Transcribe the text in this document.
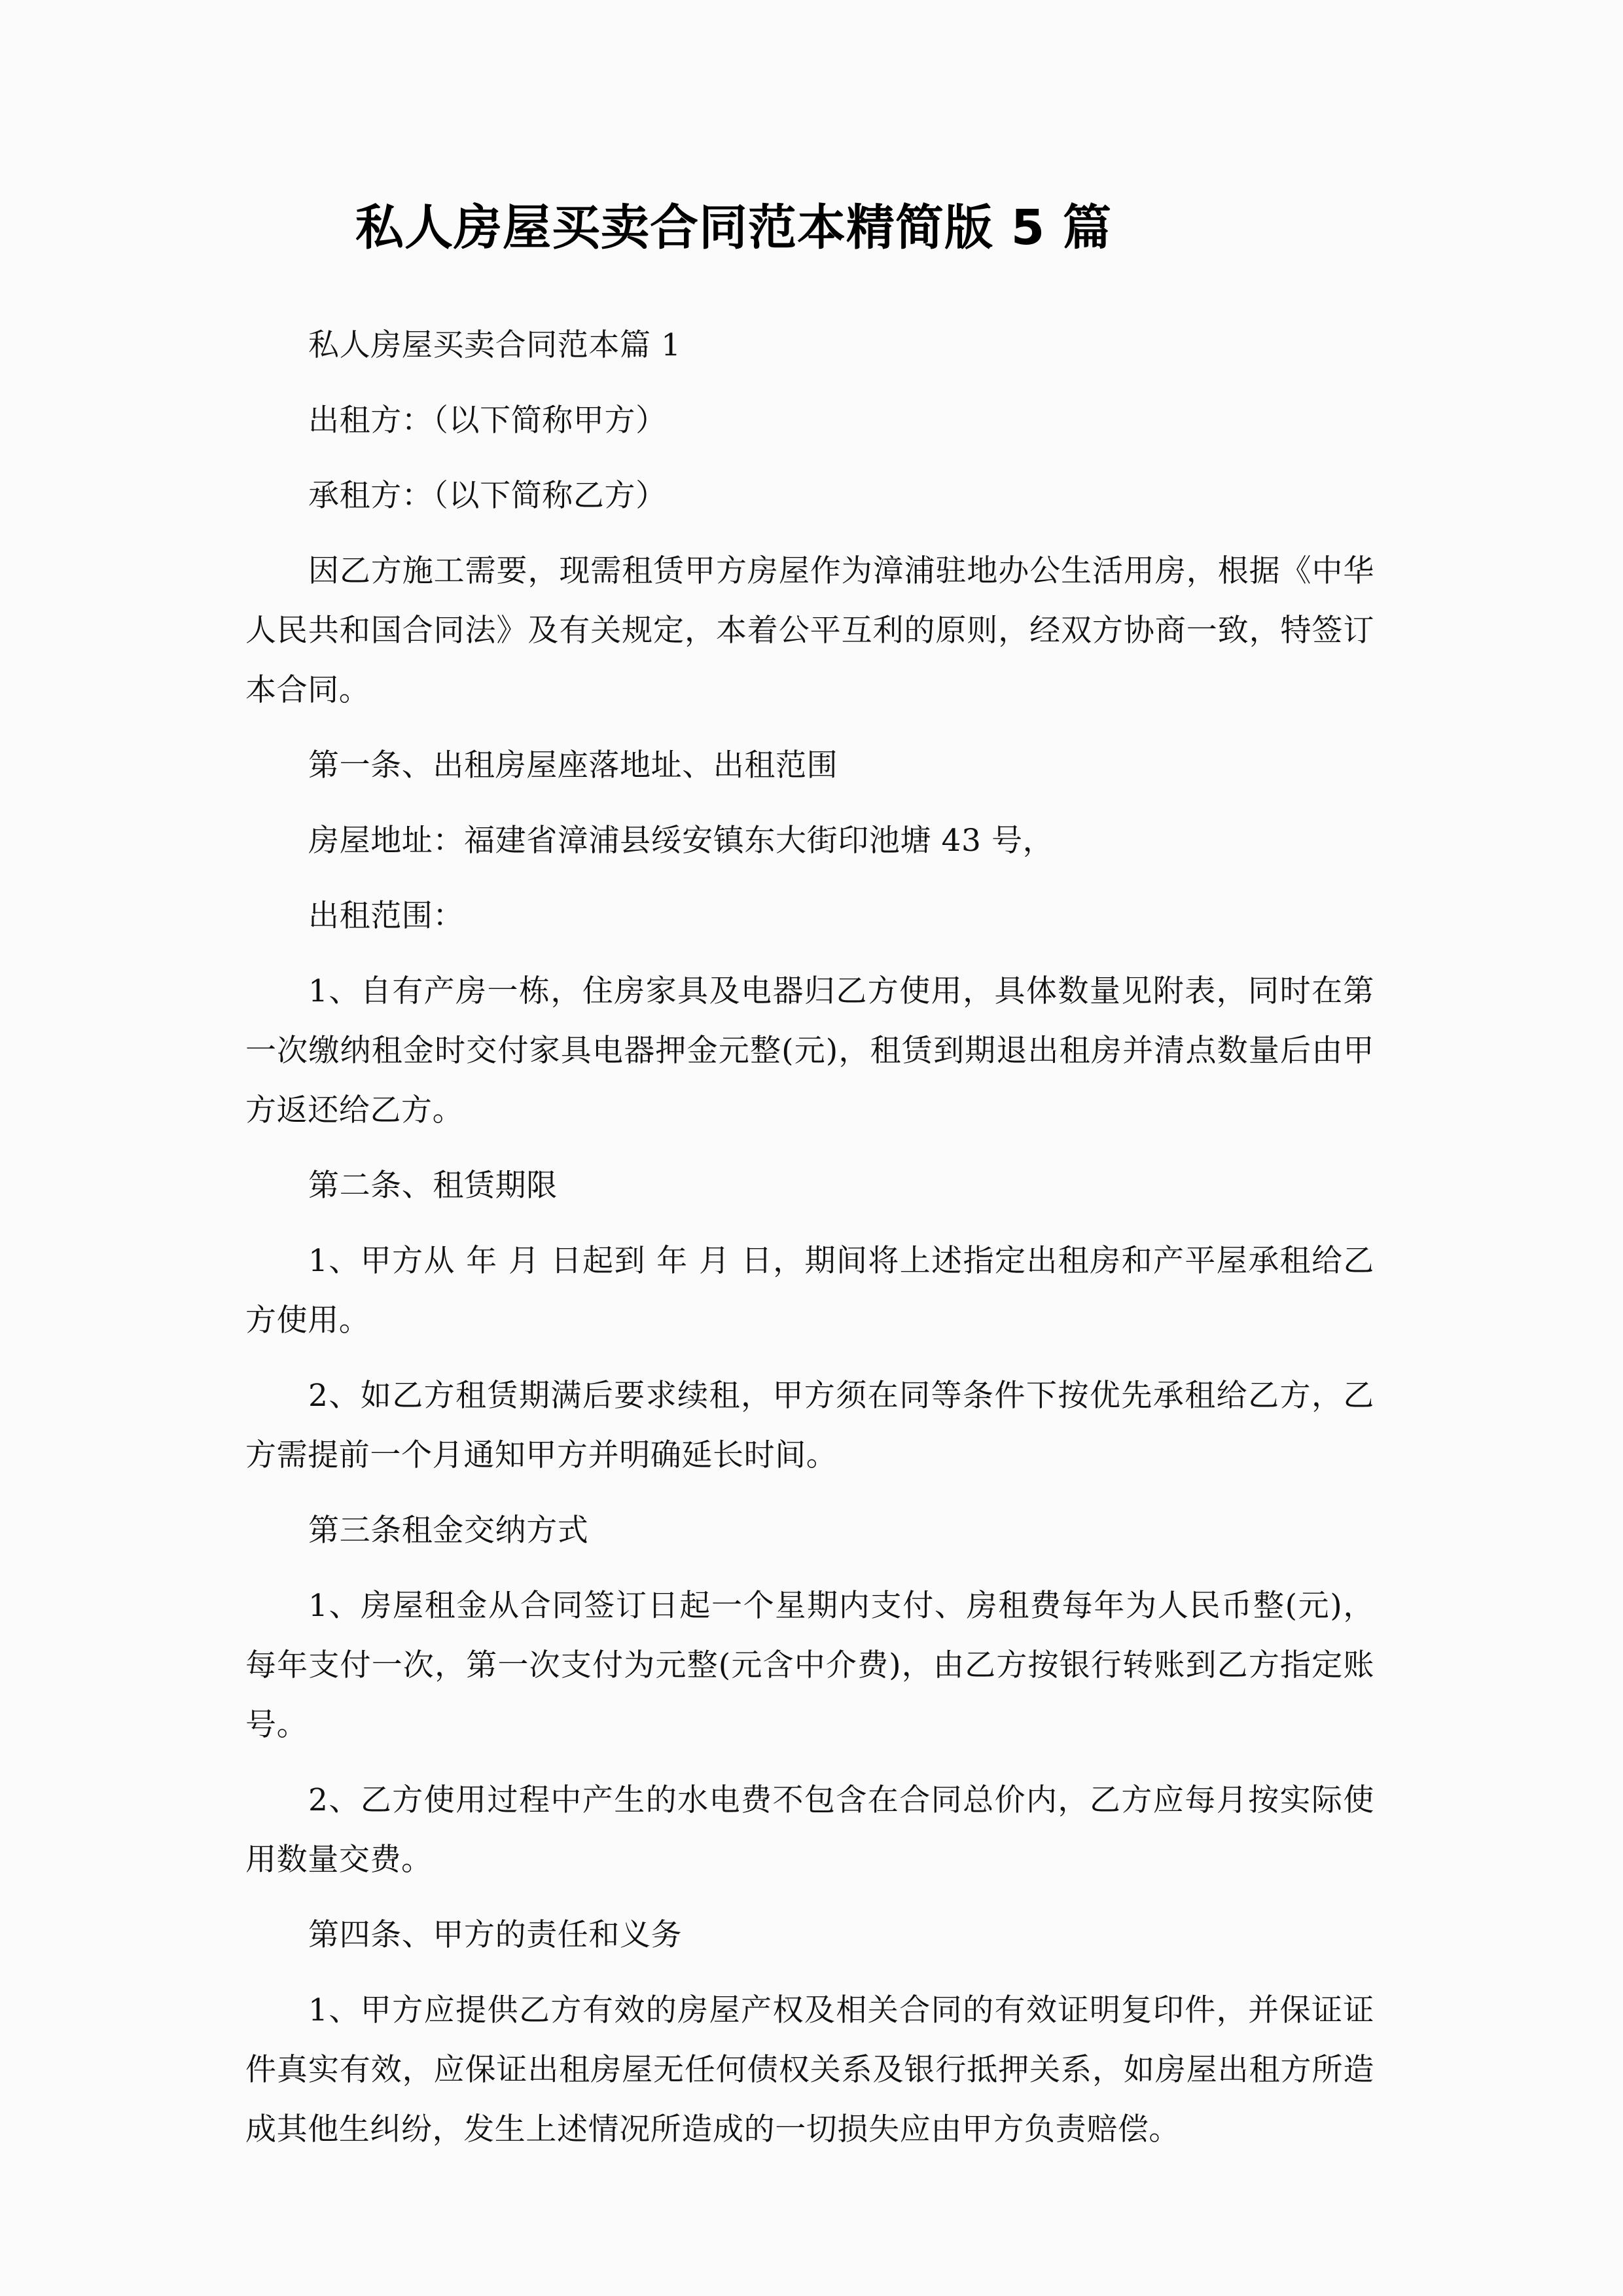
私人房屋买卖合同范本精简版 5 篇

私人房屋买卖合同范本篇 1

出租方：（以下简称甲方）

承租方：（以下简称乙方）

因乙方施工需要，现需租赁甲方房屋作为漳浦驻地办公生活用房，根据《中华人民共和国合同法》及有关规定，本着公平互利的原则，经双方协商一致，特签订本合同。

第一条、出租房屋座落地址、出租范围

房屋地址：福建省漳浦县绥安镇东大街印池塘 43 号，

出租范围：

1、自有产房一栋，住房家具及电器归乙方使用，具体数量见附表，同时在第一次缴纳租金时交付家具电器押金元整(元)，租赁到期退出租房并清点数量后由甲方返还给乙方。

第二条、租赁期限

1、甲方从 年 月 日起到 年 月 日，期间将上述指定出租房和产平屋承租给乙方使用。

2、如乙方租赁期满后要求续租，甲方须在同等条件下按优先承租给乙方，乙方需提前一个月通知甲方并明确延长时间。

第三条租金交纳方式

1、房屋租金从合同签订日起一个星期内支付、房租费每年为人民币整(元)，每年支付一次，第一次支付为元整(元含中介费)，由乙方按银行转账到乙方指定账号。

2、乙方使用过程中产生的水电费不包含在合同总价内，乙方应每月按实际使用数量交费。

第四条、甲方的责任和义务

1、甲方应提供乙方有效的房屋产权及相关合同的有效证明复印件，并保证证件真实有效，应保证出租房屋无任何债权关系及银行抵押关系，如房屋出租方所造成其他生纠纷，发生上述情况所造成的一切损失应由甲方负责赔偿。
